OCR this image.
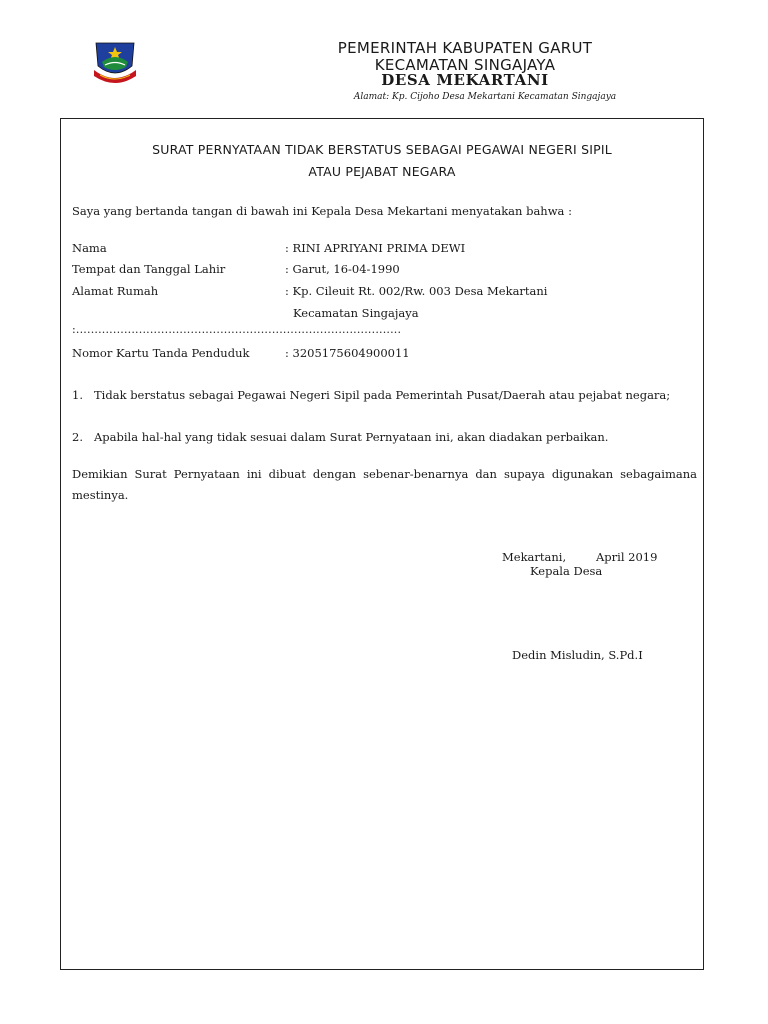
PEMERINTAH KABUPATEN GARUT
KECAMATAN SINGAJAYA
DESA MEKARTANI
Alamat: Kp. Cijoho Desa Mekartani Kecamatan Singajaya
SURAT PERNYATAAN TIDAK BERSTATUS SEBAGAI PEGAWAI NEGERI SIPIL
ATAU PEJABAT NEGARA
Saya yang bertanda tangan di bawah ini Kepala Desa Mekartani menyatakan bahwa :
Nama	: RINI APRIYANI PRIMA DEWI
Tempat dan Tanggal Lahir	: Garut, 16-04-1990
Alamat Rumah	: Kp. Cileuit Rt. 002/Rw. 003 Desa Mekartani
Kecamatan Singajaya
:........................................................................................
Nomor Kartu Tanda Penduduk	: 3205175604900011
1. Tidak berstatus sebagai Pegawai Negeri Sipil pada Pemerintah Pusat/Daerah atau pejabat negara;
2. Apabila hal-hal yang tidak sesuai dalam Surat Pernyataan ini, akan diadakan perbaikan.
Demikian Surat Pernyataan ini dibuat dengan sebenar-benarnya dan supaya digunakan sebagaimana mestinya.
Mekartani,	April 2019
Kepala Desa
Dedin Misludin, S.Pd.I
